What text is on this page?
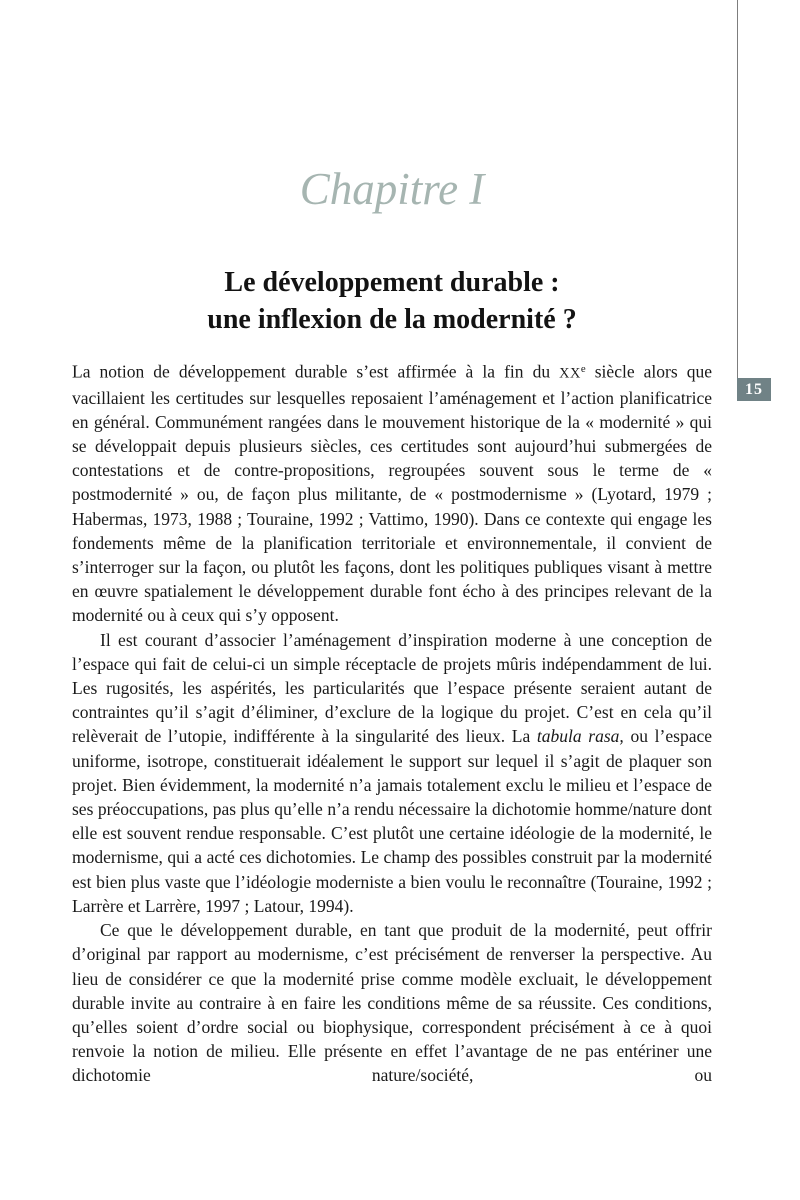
15
Chapitre I
Le développement durable :
une inflexion de la modernité ?

La notion de développement durable s’est affirmée à la fin du XXe siècle alors que vacillaient les certitudes sur lesquelles reposaient l’aménagement et l’action planificatrice en général. Communément rangées dans le mouvement historique de la « modernité » qui se développait depuis plusieurs siècles, ces certitudes sont aujourd’hui submergées de contestations et de contre-propositions, regroupées souvent sous le terme de « postmodernité » ou, de façon plus militante, de « postmodernisme » (Lyotard, 1979 ; Habermas, 1973, 1988 ; Touraine, 1992 ; Vattimo, 1990). Dans ce contexte qui engage les fondements même de la planification territoriale et environnementale, il convient de s’interroger sur la façon, ou plutôt les façons, dont les politiques publiques visant à mettre en œuvre spatialement le développement durable font écho à des principes relevant de la modernité ou à ceux qui s’y opposent.

Il est courant d’associer l’aménagement d’inspiration moderne à une conception de l’espace qui fait de celui-ci un simple réceptacle de projets mûris indépendamment de lui. Les rugosités, les aspérités, les particularités que l’espace présente seraient autant de contraintes qu’il s’agit d’éliminer, d’exclure de la logique du projet. C’est en cela qu’il relèverait de l’utopie, indifférente à la singularité des lieux. La tabula rasa, ou l’espace uniforme, isotrope, constituerait idéalement le support sur lequel il s’agit de plaquer son projet. Bien évidemment, la modernité n’a jamais totalement exclu le milieu et l’espace de ses préoccupations, pas plus qu’elle n’a rendu nécessaire la dichotomie homme/nature dont elle est souvent rendue responsable. C’est plutôt une certaine idéologie de la modernité, le modernisme, qui a acté ces dichotomies. Le champ des possibles construit par la modernité est bien plus vaste que l’idéologie moderniste a bien voulu le reconnaître (Touraine, 1992 ; Larrère et Larrère, 1997 ; Latour, 1994).

Ce que le développement durable, en tant que produit de la modernité, peut offrir d’original par rapport au modernisme, c’est précisément de renverser la perspective. Au lieu de considérer ce que la modernité prise comme modèle excluait, le développement durable invite au contraire à en faire les conditions même de sa réussite. Ces conditions, qu’elles soient d’ordre social ou biophysique, correspondent précisément à ce à quoi renvoie la notion de milieu. Elle présente en effet l’avantage de ne pas entériner une dichotomie nature/société, ou
